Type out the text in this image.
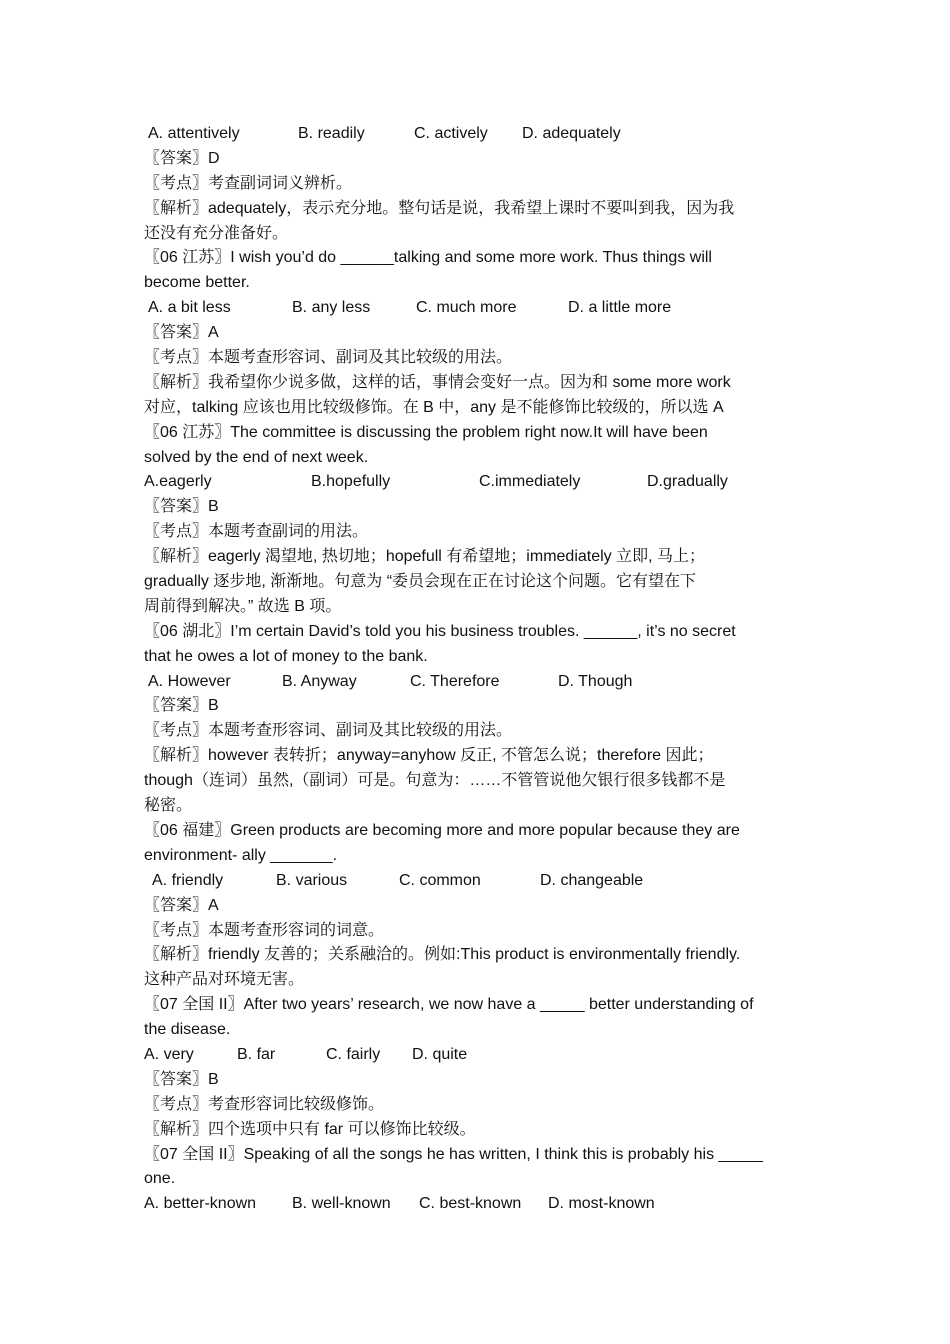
A. attentively	B. readily	C. actively	D. adequately
〖答案〗D
〖考点〗考查副词词义辨析。
〖解析〗adequately，表示充分地。整句话是说，我希望上课时不要叫到我，因为我
还没有充分准备好。
〖06 江苏〗I wish you’d do ______talking and some more work. Thus things will
become better.
A. a bit less	B. any less	C. much more	D. a little more
〖答案〗A
〖考点〗本题考查形容词、副词及其比较级的用法。
〖解析〗我希望你少说多做，这样的话，事情会变好一点。因为和 some more work
对应，talking 应该也用比较级修饰。在 B 中，any 是不能修饰比较级的，所以选 A
〖06 江苏〗The committee is discussing the problem right now.It will have been
solved by the end of next week.
A.eagerly	B.hopefully	C.immediately	D.gradually
〖答案〗B
〖考点〗本题考查副词的用法。
〖解析〗eagerly 渴望地, 热切地；hopefull 有希望地；immediately 立即, 马上；
gradually 逐步地, 渐渐地。句意为 “委员会现在正在讨论这个问题。它有望在下
周前得到解决。” 故选 B 项。
〖06 湖北〗I’m certain David’s told you his business troubles. ______, it’s no secret
that he owes a lot of money to the bank.
A. However	B. Anyway	C. Therefore	D. Though
〖答案〗B
〖考点〗本题考查形容词、副词及其比较级的用法。
〖解析〗however 表转折；anyway=anyhow 反正, 不管怎么说；therefore 因此；
though（连词）虽然,（副词）可是。句意为：……不管管说他欠银行很多钱都不是
秘密。
〖06 福建〗Green products are becoming more and more popular because they are
environment- ally _______.
A. friendly	B. various	C. common	D. changeable
〖答案〗A
〖考点〗本题考查形容词的词意。
〖解析〗friendly 友善的；关系融洽的。例如:This product is environmentally friendly.
这种产品对环境无害。
〖07 全国 II〗After two years’ research, we now have a _____ better understanding of
the disease.
A. very	B. far	C. fairly	D. quite
〖答案〗B
〖考点〗考查形容词比较级修饰。
〖解析〗四个选项中只有 far 可以修饰比较级。
〖07 全国 II〗Speaking of all the songs he has written, I think this is probably his _____
one.
A. better-known	B. well-known	C. best-known	D. most-known
